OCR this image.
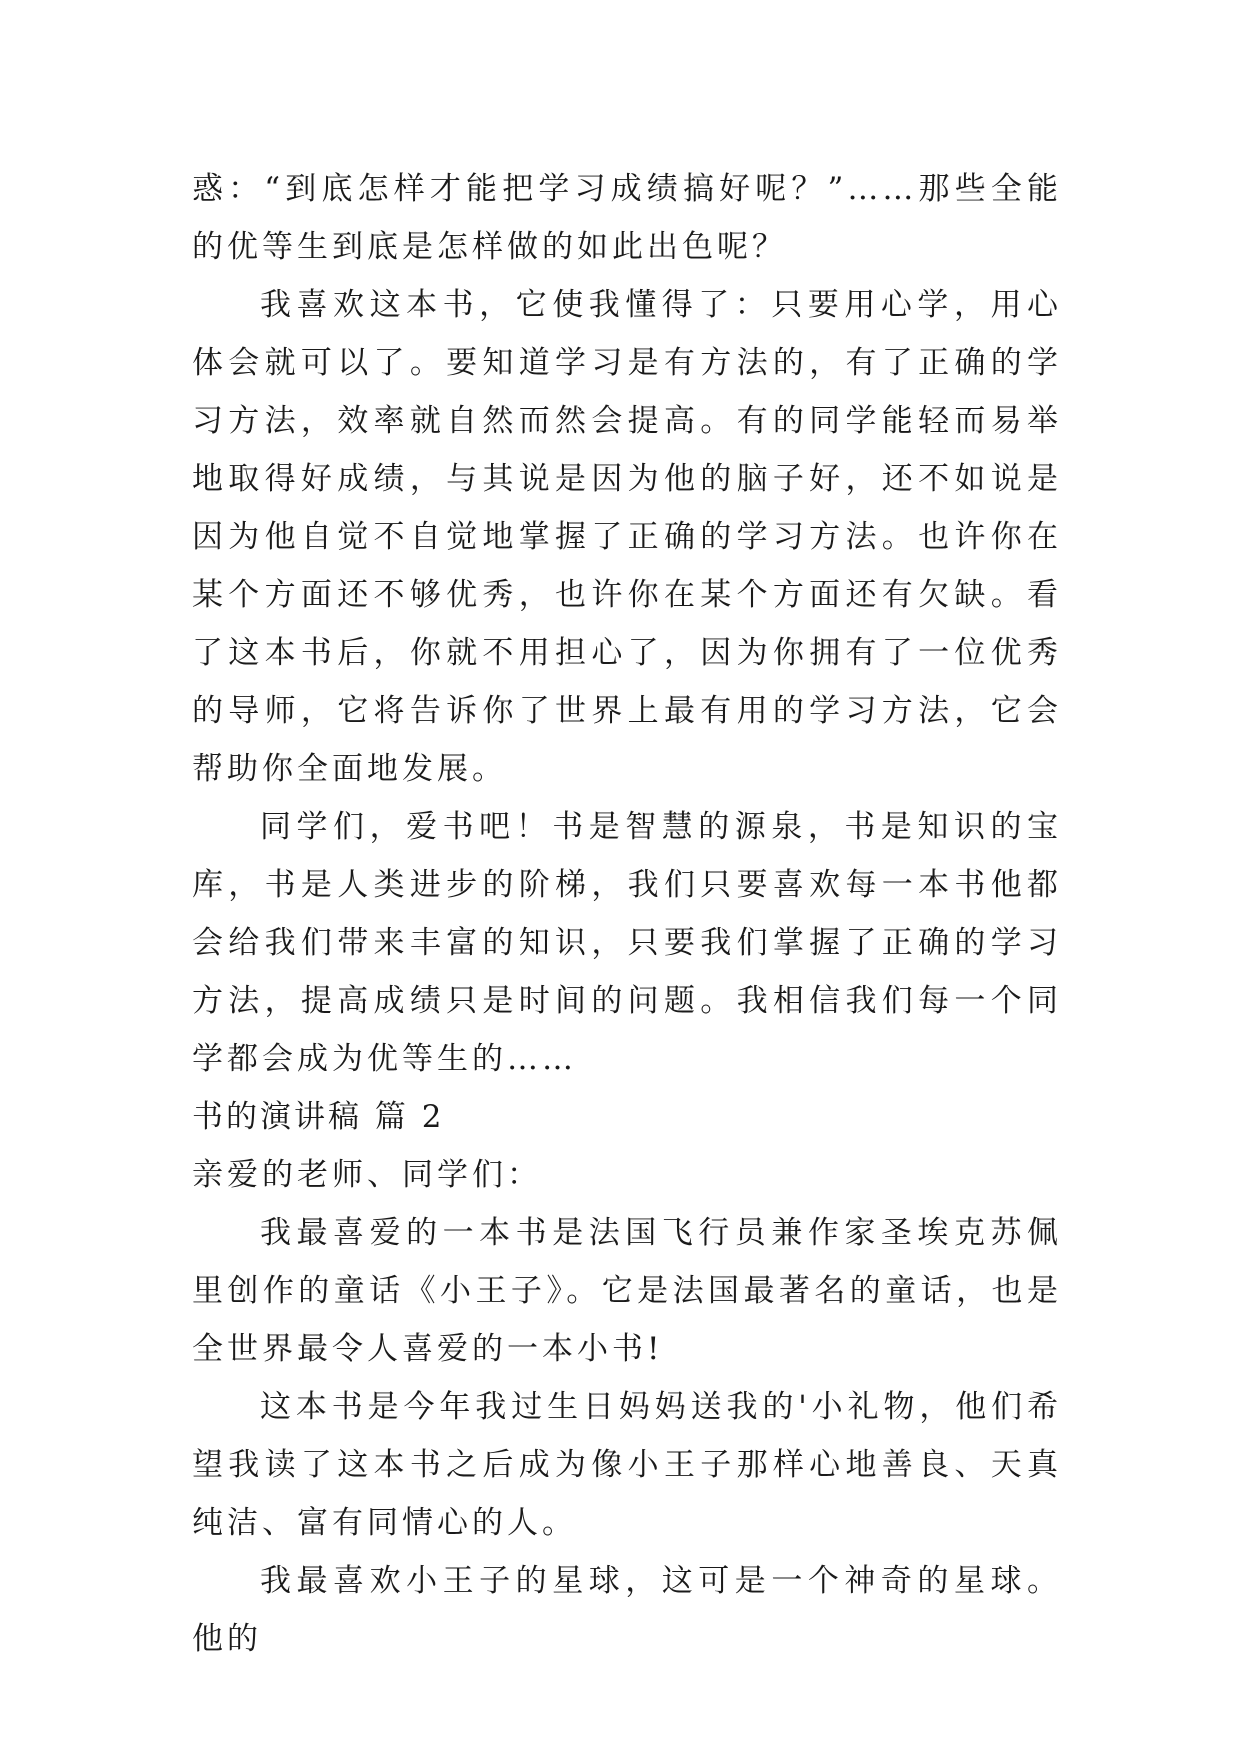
惑：“到底怎样才能把学习成绩搞好呢？”……那些全能的优等生到底是怎样做的如此出色呢？

我喜欢这本书，它使我懂得了：只要用心学，用心体会就可以了。要知道学习是有方法的，有了正确的学习方法，效率就自然而然会提高。有的同学能轻而易举地取得好成绩，与其说是因为他的脑子好，还不如说是因为他自觉不自觉地掌握了正确的学习方法。也许你在某个方面还不够优秀，也许你在某个方面还有欠缺。看了这本书后，你就不用担心了，因为你拥有了一位优秀的导师，它将告诉你了世界上最有用的学习方法，它会帮助你全面地发展。

同学们，爱书吧！书是智慧的源泉，书是知识的宝库，书是人类进步的阶梯，我们只要喜欢每一本书他都会给我们带来丰富的知识，只要我们掌握了正确的学习方法，提高成绩只是时间的问题。我相信我们每一个同学都会成为优等生的……

书的演讲稿 篇 2

亲爱的老师、同学们：

我最喜爱的一本书是法国飞行员兼作家圣埃克苏佩里创作的童话《小王子》。它是法国最著名的童话，也是全世界最令人喜爱的一本小书!

这本书是今年我过生日妈妈送我的'小礼物，他们希望我读了这本书之后成为像小王子那样心地善良、天真纯洁、富有同情心的人。

我最喜欢小王子的星球，这可是一个神奇的星球。他的
